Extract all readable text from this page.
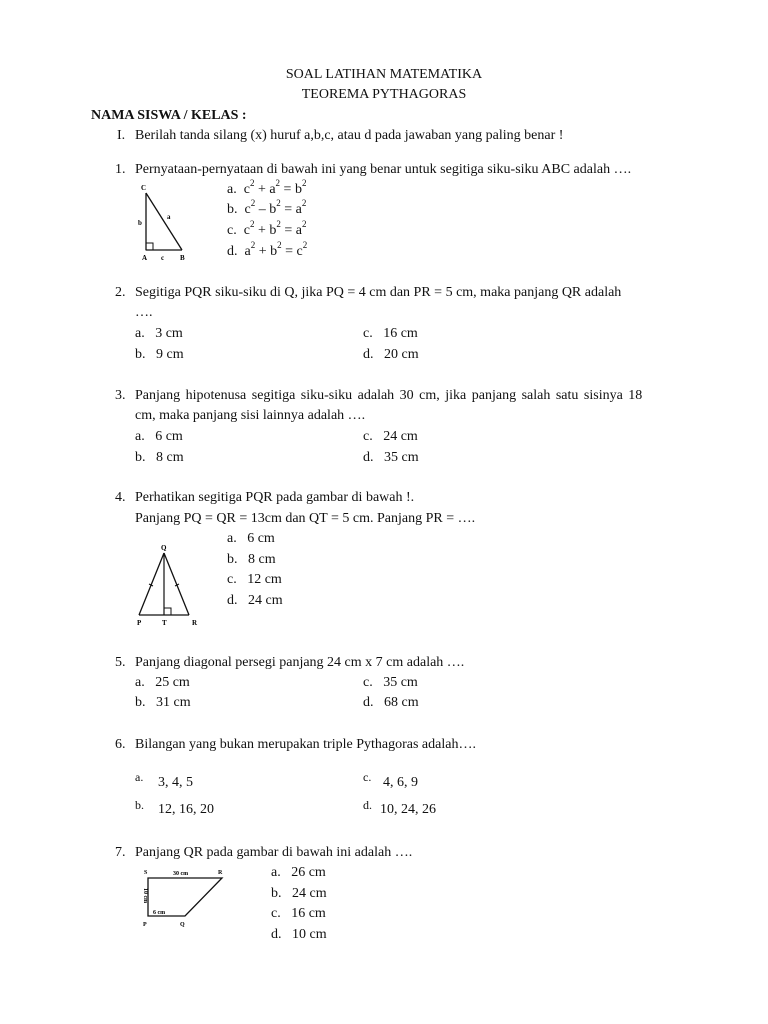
SOAL LATIHAN MATEMATIKA
TEOREMA PYTHAGORAS
NAMA SISWA / KELAS :
I. Berilah tanda silang (x) huruf a,b,c, atau d pada jawaban yang paling benar !
1. Pernyataan-pernyataan di bawah ini yang benar untuk segitiga siku-siku ABC adalah ….
C
b
a
A c B
a. $c^2 + a^2 = b^2$
b. $c^2 - b^2 = a^2$
c. $c^2 + b^2 = a^2$
d. $a^2 + b^2 = c^2$
2. Segitiga PQR siku-siku di Q, jika PQ = 4 cm dan PR = 5 cm, maka panjang QR adalah
….
a. 3 cm
b. 9 cm
c. 16 cm
d. 20 cm
3. Panjang hipotenusa segitiga siku-siku adalah 30 cm, jika panjang salah satu sisinya 18
cm, maka panjang sisi lainnya adalah ….
a. 6 cm
b. 8 cm
c. 24 cm
d. 35 cm
4. Perhatikan segitiga PQR pada gambar di bawah !.
Panjang PQ = QR = 13cm dan QT = 5 cm. Panjang PR = ….
Q
P	T	R
a. 6 cm
b. 8 cm
c. 12 cm
d. 24 cm
5. Panjang diagonal persegi panjang 24 cm x 7 cm adalah ….
a. 25 cm
b. 31 cm
c. 35 cm
d. 68 cm
6. Bilangan yang bukan merupakan triple Pythagoras adalah….
a. 3, 4, 5
b. 12, 16, 20
c. 4, 6, 9
d. 10, 24, 26
7. Panjang QR pada gambar di bawah ini adalah ….
S	R
P	Q
30 cm
6 cm
10 cm
a. 26 cm
b. 24 cm
c. 16 cm
d. 10 cm
